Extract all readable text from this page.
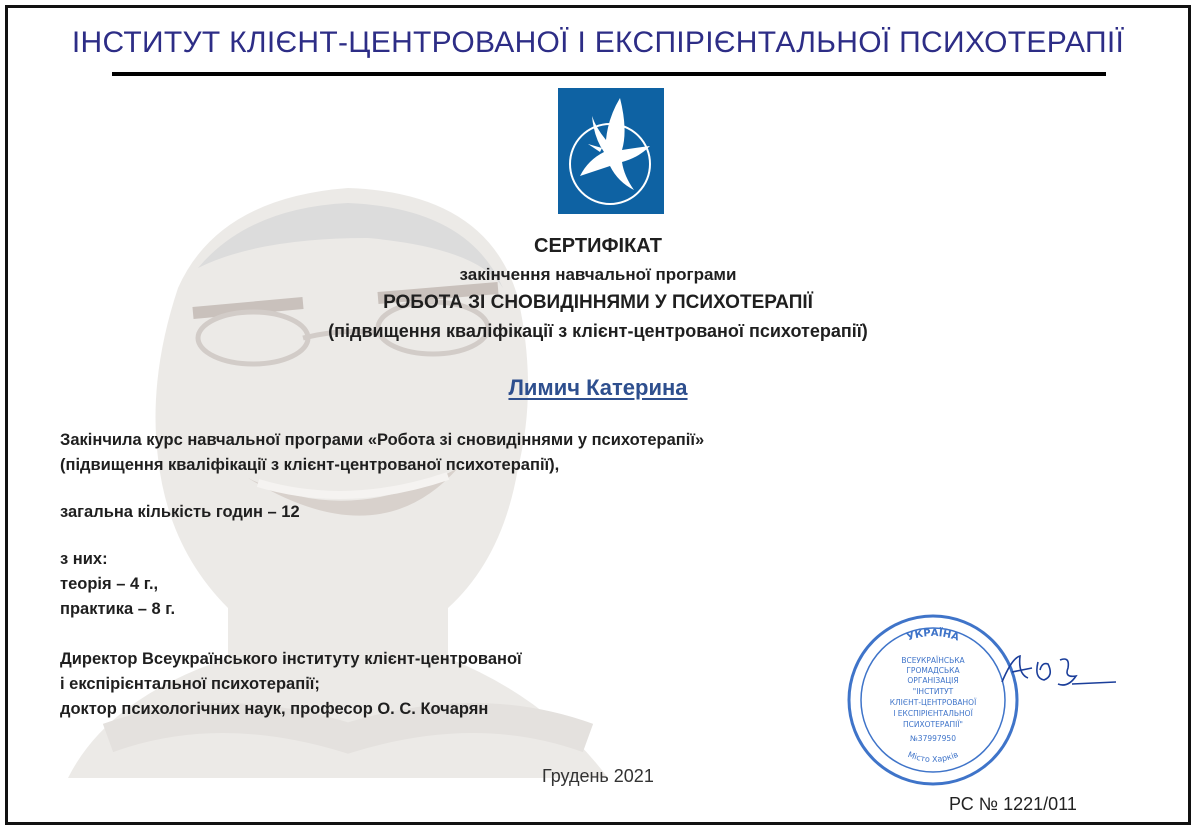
ІНСТИТУТ КЛІЄНТ-ЦЕНТРОВАНОЇ І ЕКСПІРІЄНТАЛЬНОЇ ПСИХОТЕРАПІЇ
СЕРТИФІКАТ
закінчення навчальної програми
РОБОТА ЗІ СНОВИДІННЯМИ У ПСИХОТЕРАПІЇ
(підвищення кваліфікації з клієнт-центрованої психотерапії)
Лимич Катерина
Закінчила курс навчальної програми «Робота зі сновидіннями у психотерапії»
(підвищення кваліфікації з клієнт-центрованої психотерапії),
загальна кількість годин – 12
з них:
теорія – 4 г.,
практика – 8 г.
Директор Всеукраїнського інституту клієнт-центрованої
і експірієнтальної психотерапії;
доктор психологічних наук, професор О. С. Кочарян
УКРАЇНА
Місто Харків
ВСЕУКРАЇНСЬКА
ГРОМАДСЬКА
ОРГАНІЗАЦІЯ
"ІНСТИТУТ
КЛІЄНТ-ЦЕНТРОВАНОЇ
І ЕКСПІРІЄНТАЛЬНОЇ
ПСИХОТЕРАПІЇ"
№37997950
Грудень 2021
РС № 1221/011
